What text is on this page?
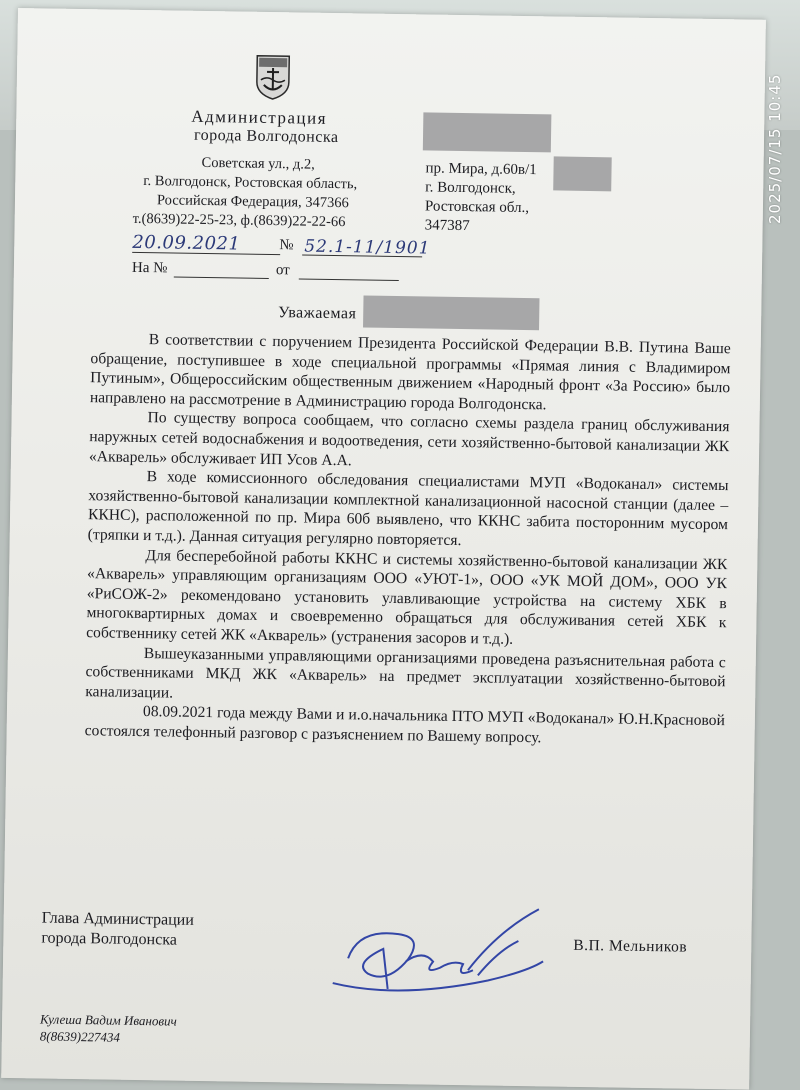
Администрация
города Волгодонска
Советская ул., д.2,
г. Волгодонск, Ростовская область,
Российская Федерация, 347366
т.(8639)22-25-23, ф.(8639)22-22-66
пр. Мира, д.60в/1
г. Волгодонск,
Ростовская обл.,
347387
20.09.2021	№ 52.1-11/1901
На №	от
Уважаемая

В соответствии с поручением Президента Российской Федерации В.В. Путина Ваше обращение, поступившее в ходе специальной программы «Прямая линия с Владимиром Путиным», Общероссийским общественным движением «Народный фронт «За Россию» было направлено на рассмотрение в Администрацию города Волгодонска.

По существу вопроса сообщаем, что согласно схемы раздела границ обслуживания наружных сетей водоснабжения и водоотведения, сети хозяйственно-бытовой канализации ЖК «Акварель» обслуживает ИП Усов А.А.

В ходе комиссионного обследования специалистами МУП «Водоканал» системы хозяйственно-бытовой канализации комплектной канализационной насосной станции (далее – ККНС), расположенной по пр. Мира 60б выявлено, что ККНС забита посторонним мусором (тряпки и т.д.). Данная ситуация регулярно повторяется.

Для бесперебойной работы ККНС и системы хозяйственно-бытовой канализации ЖК «Акварель» управляющим организациям ООО «УЮТ-1», ООО «УК МОЙ ДОМ», ООО УК «РиСОЖ-2» рекомендовано установить улавливающие устройства на систему ХБК в многоквартирных домах и своевременно обращаться для обслуживания сетей ХБК к собственнику сетей ЖК «Акварель» (устранения засоров и т.д.).

Вышеуказанными управляющими организациями проведена разъяснительная работа с собственниками МКД ЖК «Акварель» на предмет эксплуатации хозяйственно-бытовой канализации.

08.09.2021 года между Вами и и.о.начальника ПТО МУП «Водоканал» Ю.Н.Красновой состоялся телефонный разговор с разъяснением по Вашему вопросу.

Глава Администрации
города Волгодонска	В.П. Мельников
Кулеша Вадим Иванович
8(8639)227434
2025/07/15 10:45
